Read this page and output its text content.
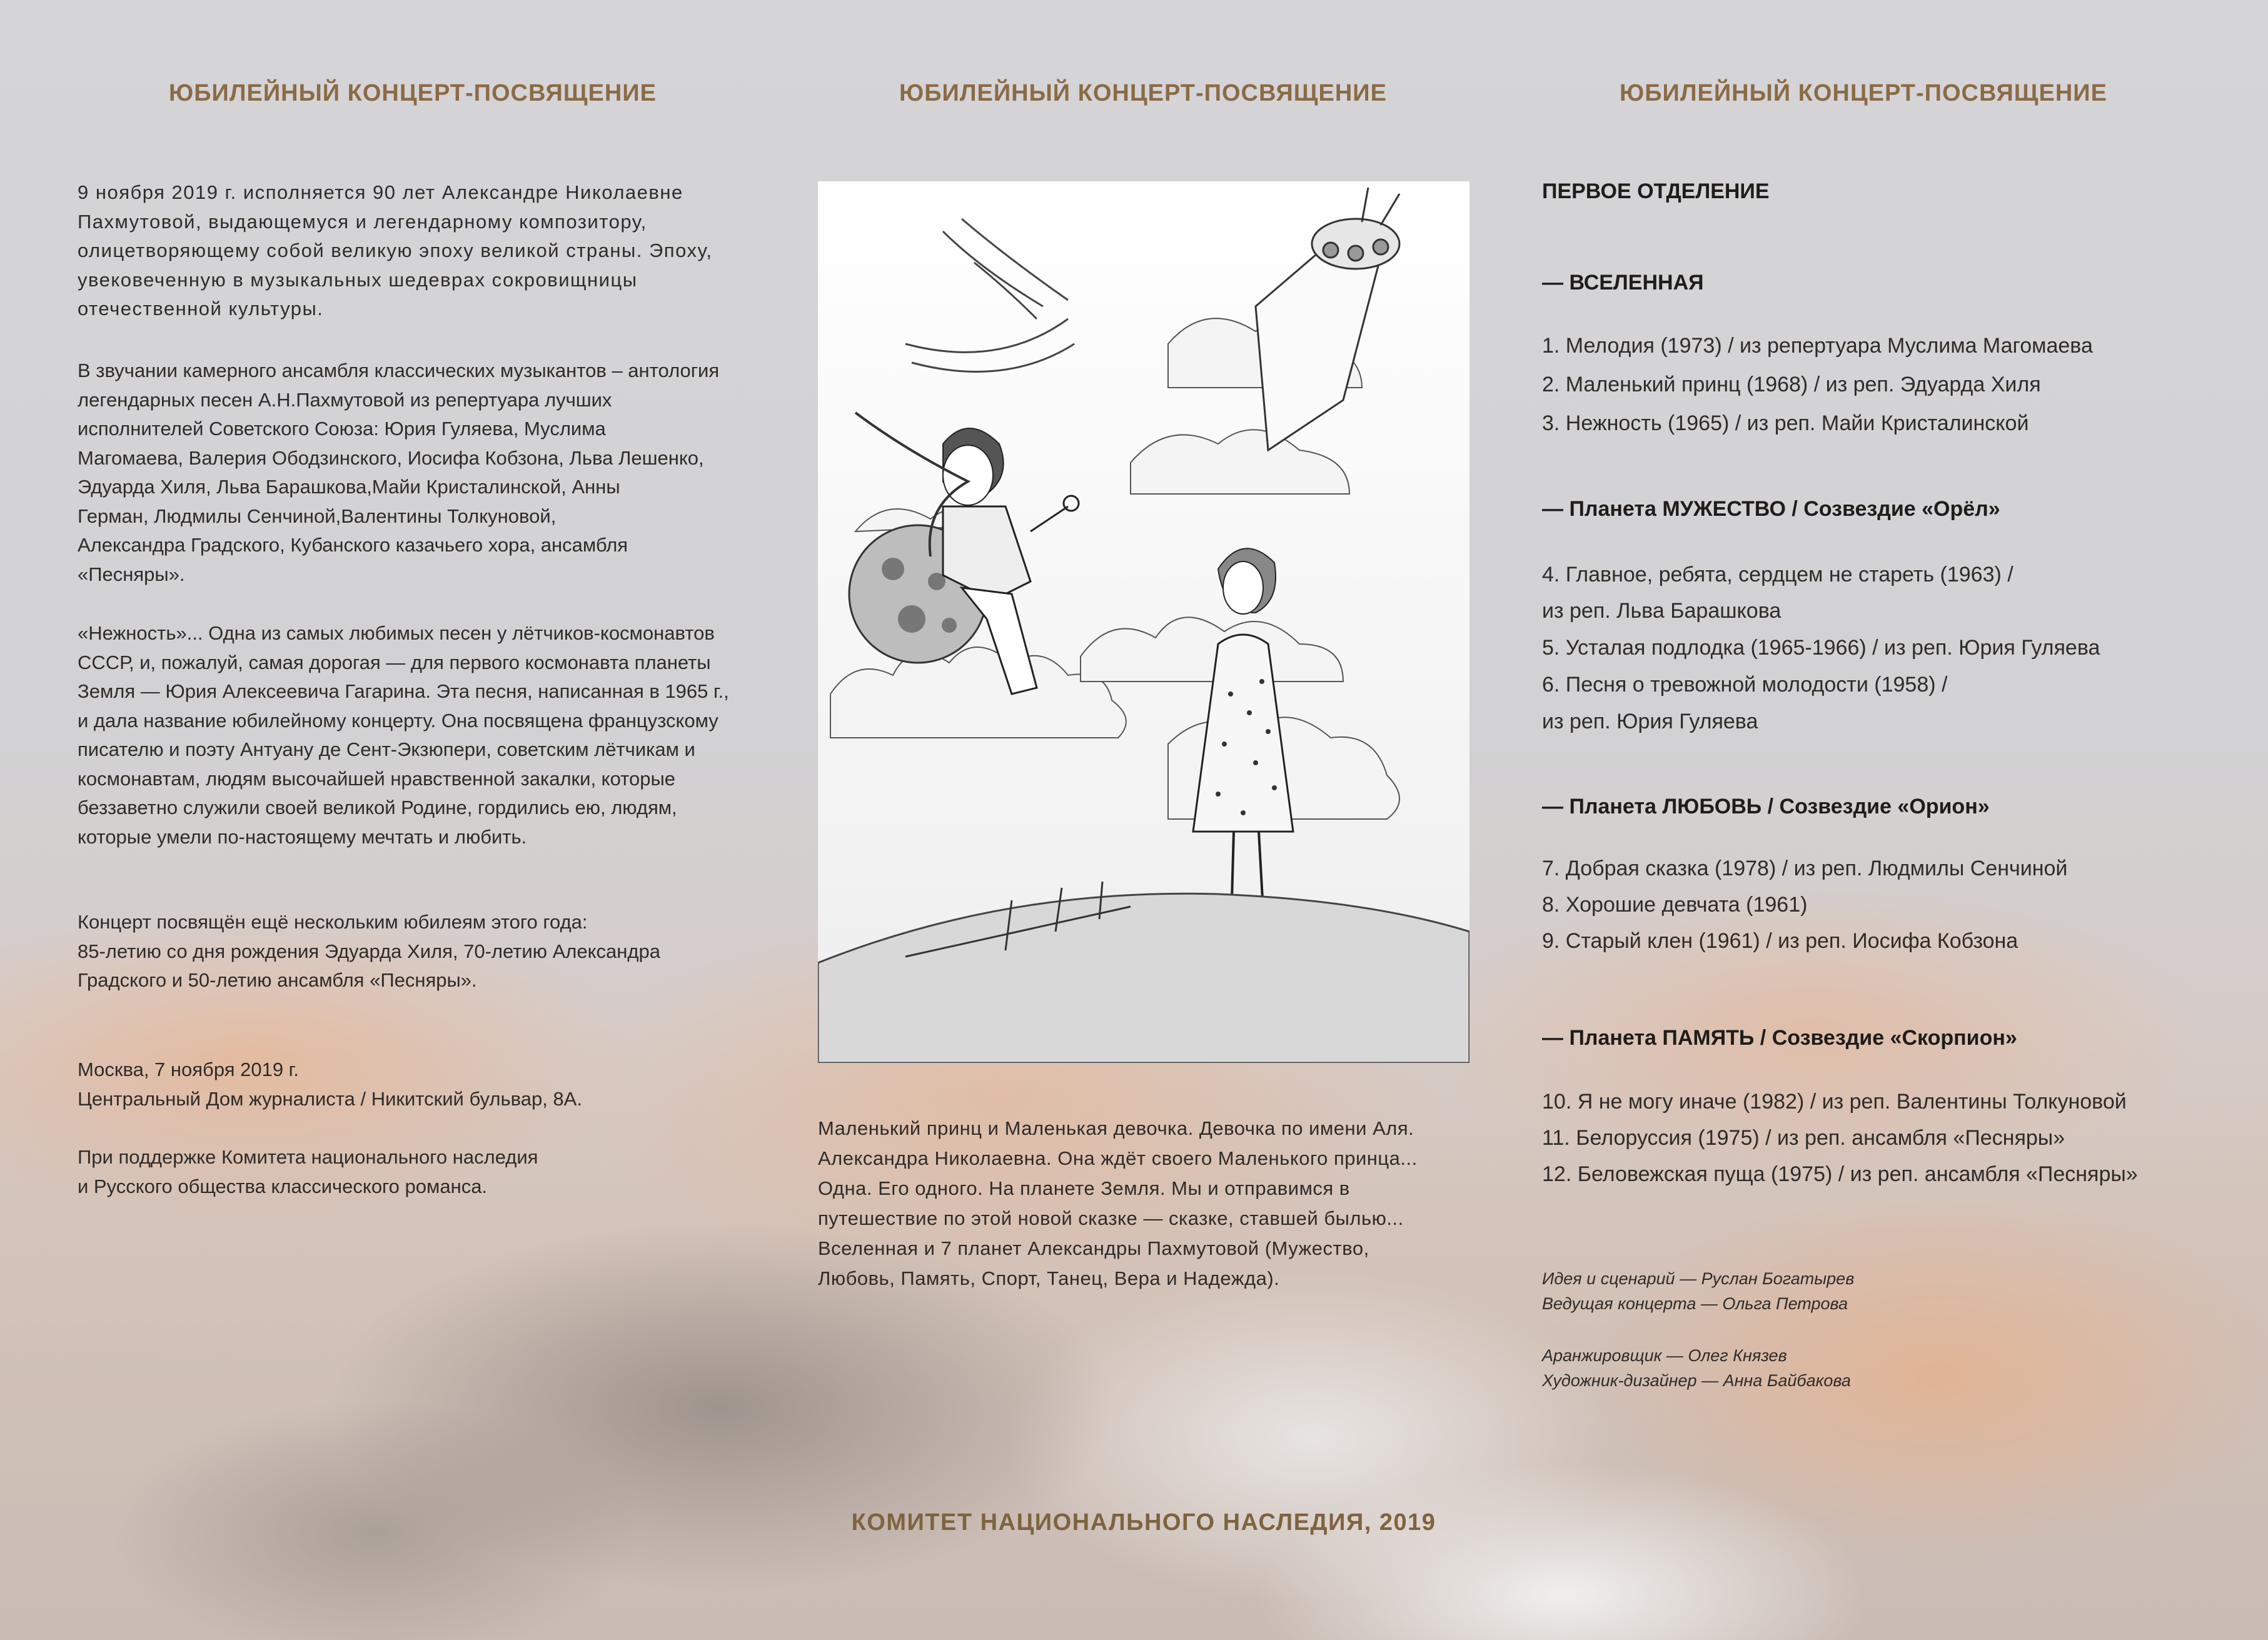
ЮБИЛЕЙНЫЙ КОНЦЕРТ-ПОСВЯЩЕНИЕ	ЮБИЛЕЙНЫЙ КОНЦЕРТ-ПОСВЯЩЕНИЕ	ЮБИЛЕЙНЫЙ КОНЦЕРТ-ПОСВЯЩЕНИЕ
9 ноября 2019 г. исполняется 90 лет Александре Николаевне
Пахмутовой, выдающемуся и легендарному композитору,
олицетворяющему собой великую эпоху великой страны. Эпоху,
увековеченную в музыкальных шедеврах сокровищницы
отечественной культуры.
В звучании камерного ансамбля классических музыкантов – антология
легендарных песен А.Н.Пахмутовой из репертуара лучших
исполнителей Советского Союза: Юрия Гуляева, Муслима
Магомаева, Валерия Ободзинского, Иосифа Кобзона, Льва Лешенко,
Эдуарда Хиля, Льва Барашкова,Майи Кристалинской, Анны
Герман, Людмилы Сенчиной,Валентины Толкуновой,
Александра Градского, Кубанского казачьего хора, ансамбля
«Песняры».
«Нежность»... Одна из самых любимых песен у лётчиков-космонавтов
СССР, и, пожалуй, самая дорогая — для первого космонавта планеты
Земля — Юрия Алексеевича Гагарина. Эта песня, написанная в 1965 г.,
и дала название юбилейному концерту. Она посвящена французскому
писателю и поэту Антуану де Сент-Экзюпери, советским лётчикам и
космонавтам, людям высочайшей нравственной закалки, которые
беззаветно служили своей великой Родине, гордились ею, людям,
которые умели по-настоящему мечтать и любить.
Концерт посвящён ещё нескольким юбилеям этого года:
85-летию со дня рождения Эдуарда Хиля, 70-летию Александра
Градского и 50-летию ансамбля «Песняры».
Москва, 7 ноября 2019 г.
Центральный Дом журналиста / Никитский бульвар, 8А.
При поддержке Комитета национального наследия
и Русского общества классического романса.
Маленький принц и Маленькая девочка. Девочка по имени Аля.
Александра Николаевна. Она ждёт своего Маленького принца...
Одна. Его одного. На планете Земля. Мы и отправимся в
путешествие по этой новой сказке — сказке, ставшей былью...
Вселенная и 7 планет Александры Пахмутовой (Мужество,
Любовь, Память, Спорт, Танец, Вера и Надежда).
ПЕРВОЕ ОТДЕЛЕНИЕ
— ВСЕЛЕННАЯ
1. Мелодия (1973) / из репертуара Муслима Магомаева
2. Маленький принц (1968) / из реп. Эдуарда Хиля
3. Нежность (1965) / из реп. Майи Кристалинской
— Планета МУЖЕСТВО / Созвездие «Орёл»
4. Главное, ребята, сердцем не стареть (1963) /
из реп. Льва Барашкова
5. Усталая подлодка (1965-1966) / из реп. Юрия Гуляева
6. Песня о тревожной молодости (1958) /
из реп. Юрия Гуляева
— Планета ЛЮБОВЬ / Созвездие «Орион»
7. Добрая сказка (1978) / из реп. Людмилы Сенчиной
8. Хорошие девчата (1961)
9. Старый клен (1961) / из реп. Иосифа Кобзона
— Планета ПАМЯТЬ / Созвездие «Скорпион»
10. Я не могу иначе (1982) / из реп. Валентины Толкуновой
11. Белоруссия (1975) / из реп. ансамбля «Песняры»
12. Беловежская пуща (1975) / из реп. ансамбля «Песняры»
Идея и сценарий — Руслан Богатырев
Ведущая концерта — Ольга Петрова
Аранжировщик — Олег Князев
Художник-дизайнер — Анна Байбакова
КОМИТЕТ НАЦИОНАЛЬНОГО НАСЛЕДИЯ, 2019
